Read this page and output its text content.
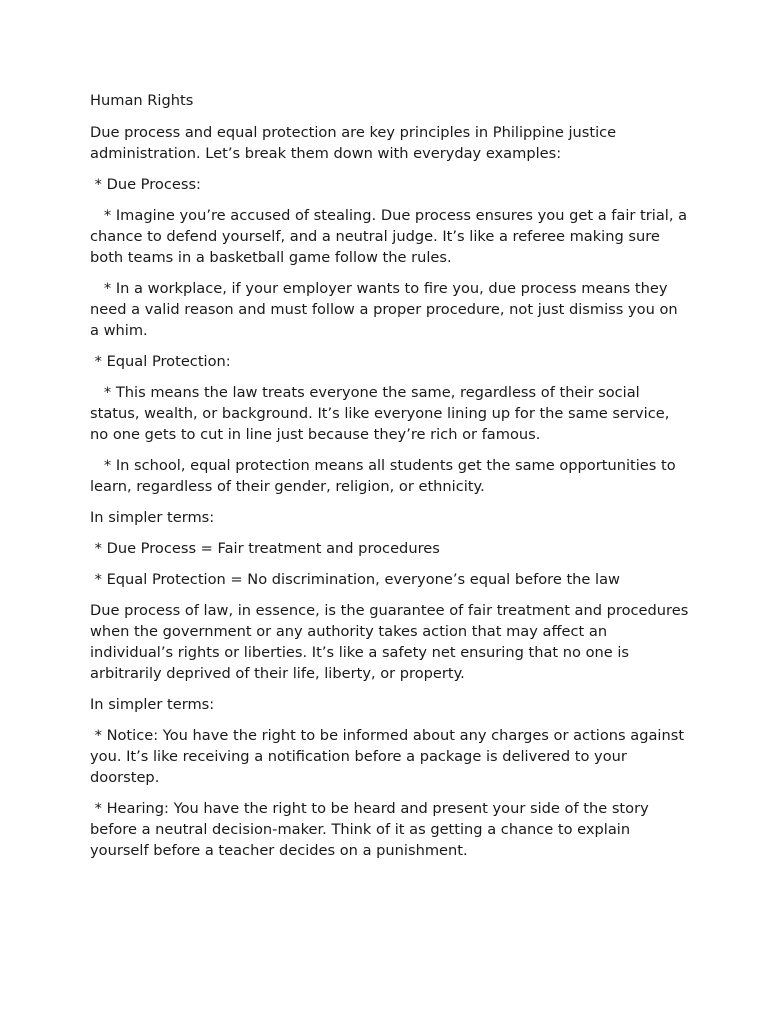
Human Rights

Due process and equal protection are key principles in Philippine justice administration. Let’s break them down with everyday examples:

* Due Process:

* Imagine you’re accused of stealing. Due process ensures you get a fair trial, a chance to defend yourself, and a neutral judge. It’s like a referee making sure both teams in a basketball game follow the rules.

* In a workplace, if your employer wants to fire you, due process means they need a valid reason and must follow a proper procedure, not just dismiss you on a whim.

* Equal Protection:

* This means the law treats everyone the same, regardless of their social status, wealth, or background. It’s like everyone lining up for the same service, no one gets to cut in line just because they’re rich or famous.

* In school, equal protection means all students get the same opportunities to learn, regardless of their gender, religion, or ethnicity.

In simpler terms:

* Due Process = Fair treatment and procedures

* Equal Protection = No discrimination, everyone’s equal before the law

Due process of law, in essence, is the guarantee of fair treatment and procedures when the government or any authority takes action that may affect an individual’s rights or liberties. It’s like a safety net ensuring that no one is arbitrarily deprived of their life, liberty, or property.

In simpler terms:

* Notice: You have the right to be informed about any charges or actions against you. It’s like receiving a notification before a package is delivered to your doorstep.

* Hearing: You have the right to be heard and present your side of the story before a neutral decision-maker. Think of it as getting a chance to explain yourself before a teacher decides on a punishment.
